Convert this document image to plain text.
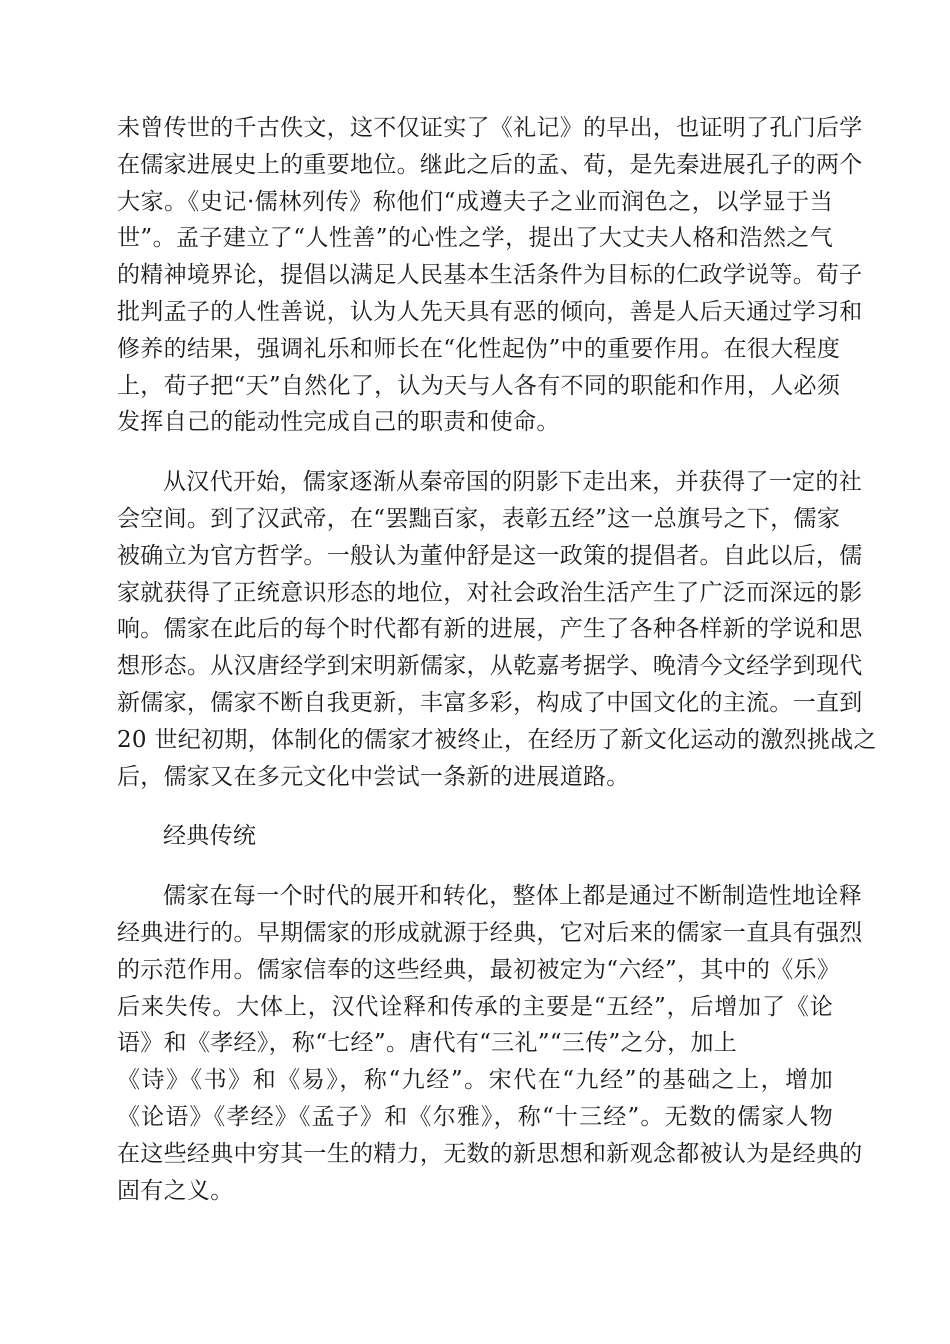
未曾传世的千古佚文，这不仅证实了《礼记》的早出，也证明了孔门后学
在儒家进展史上的重要地位。继此之后的孟、荀，是先秦进展孔子的两个
大家。《史记·儒林列传》称他们“成遵夫子之业而润色之，以学显于当
世”。孟子建立了“人性善”的心性之学，提出了大丈夫人格和浩然之气
的精神境界论，提倡以满足人民基本生活条件为目标的仁政学说等。荀子
批判孟子的人性善说，认为人先天具有恶的倾向，善是人后天通过学习和
修养的结果，强调礼乐和师长在“化性起伪”中的重要作用。在很大程度
上，荀子把“天”自然化了，认为天与人各有不同的职能和作用，人必须
发挥自己的能动性完成自己的职责和使命。
从汉代开始，儒家逐渐从秦帝国的阴影下走出来，并获得了一定的社
会空间。到了汉武帝，在“罢黜百家，表彰五经”这一总旗号之下，儒家
被确立为官方哲学。一般认为董仲舒是这一政策的提倡者。自此以后，儒
家就获得了正统意识形态的地位，对社会政治生活产生了广泛而深远的影
响。儒家在此后的每个时代都有新的进展，产生了各种各样新的学说和思
想形态。从汉唐经学到宋明新儒家，从乾嘉考据学、晚清今文经学到现代
新儒家，儒家不断自我更新，丰富多彩，构成了中国文化的主流。一直到
20 世纪初期，体制化的儒家才被终止，在经历了新文化运动的激烈挑战之
后，儒家又在多元文化中尝试一条新的进展道路。
经典传统
儒家在每一个时代的展开和转化，整体上都是通过不断制造性地诠释
经典进行的。早期儒家的形成就源于经典，它对后来的儒家一直具有强烈
的示范作用。儒家信奉的这些经典，最初被定为“六经”，其中的《乐》
后来失传。大体上，汉代诠释和传承的主要是“五经”，后增加了《论
语》和《孝经》，称“七经”。唐代有“三礼”“三传”之分，加上
《诗》《书》和《易》，称“九经”。宋代在“九经”的基础之上，增加
《论语》《孝经》《孟子》和《尔雅》，称“十三经”。无数的儒家人物
在这些经典中穷其一生的精力，无数的新思想和新观念都被认为是经典的
固有之义。
